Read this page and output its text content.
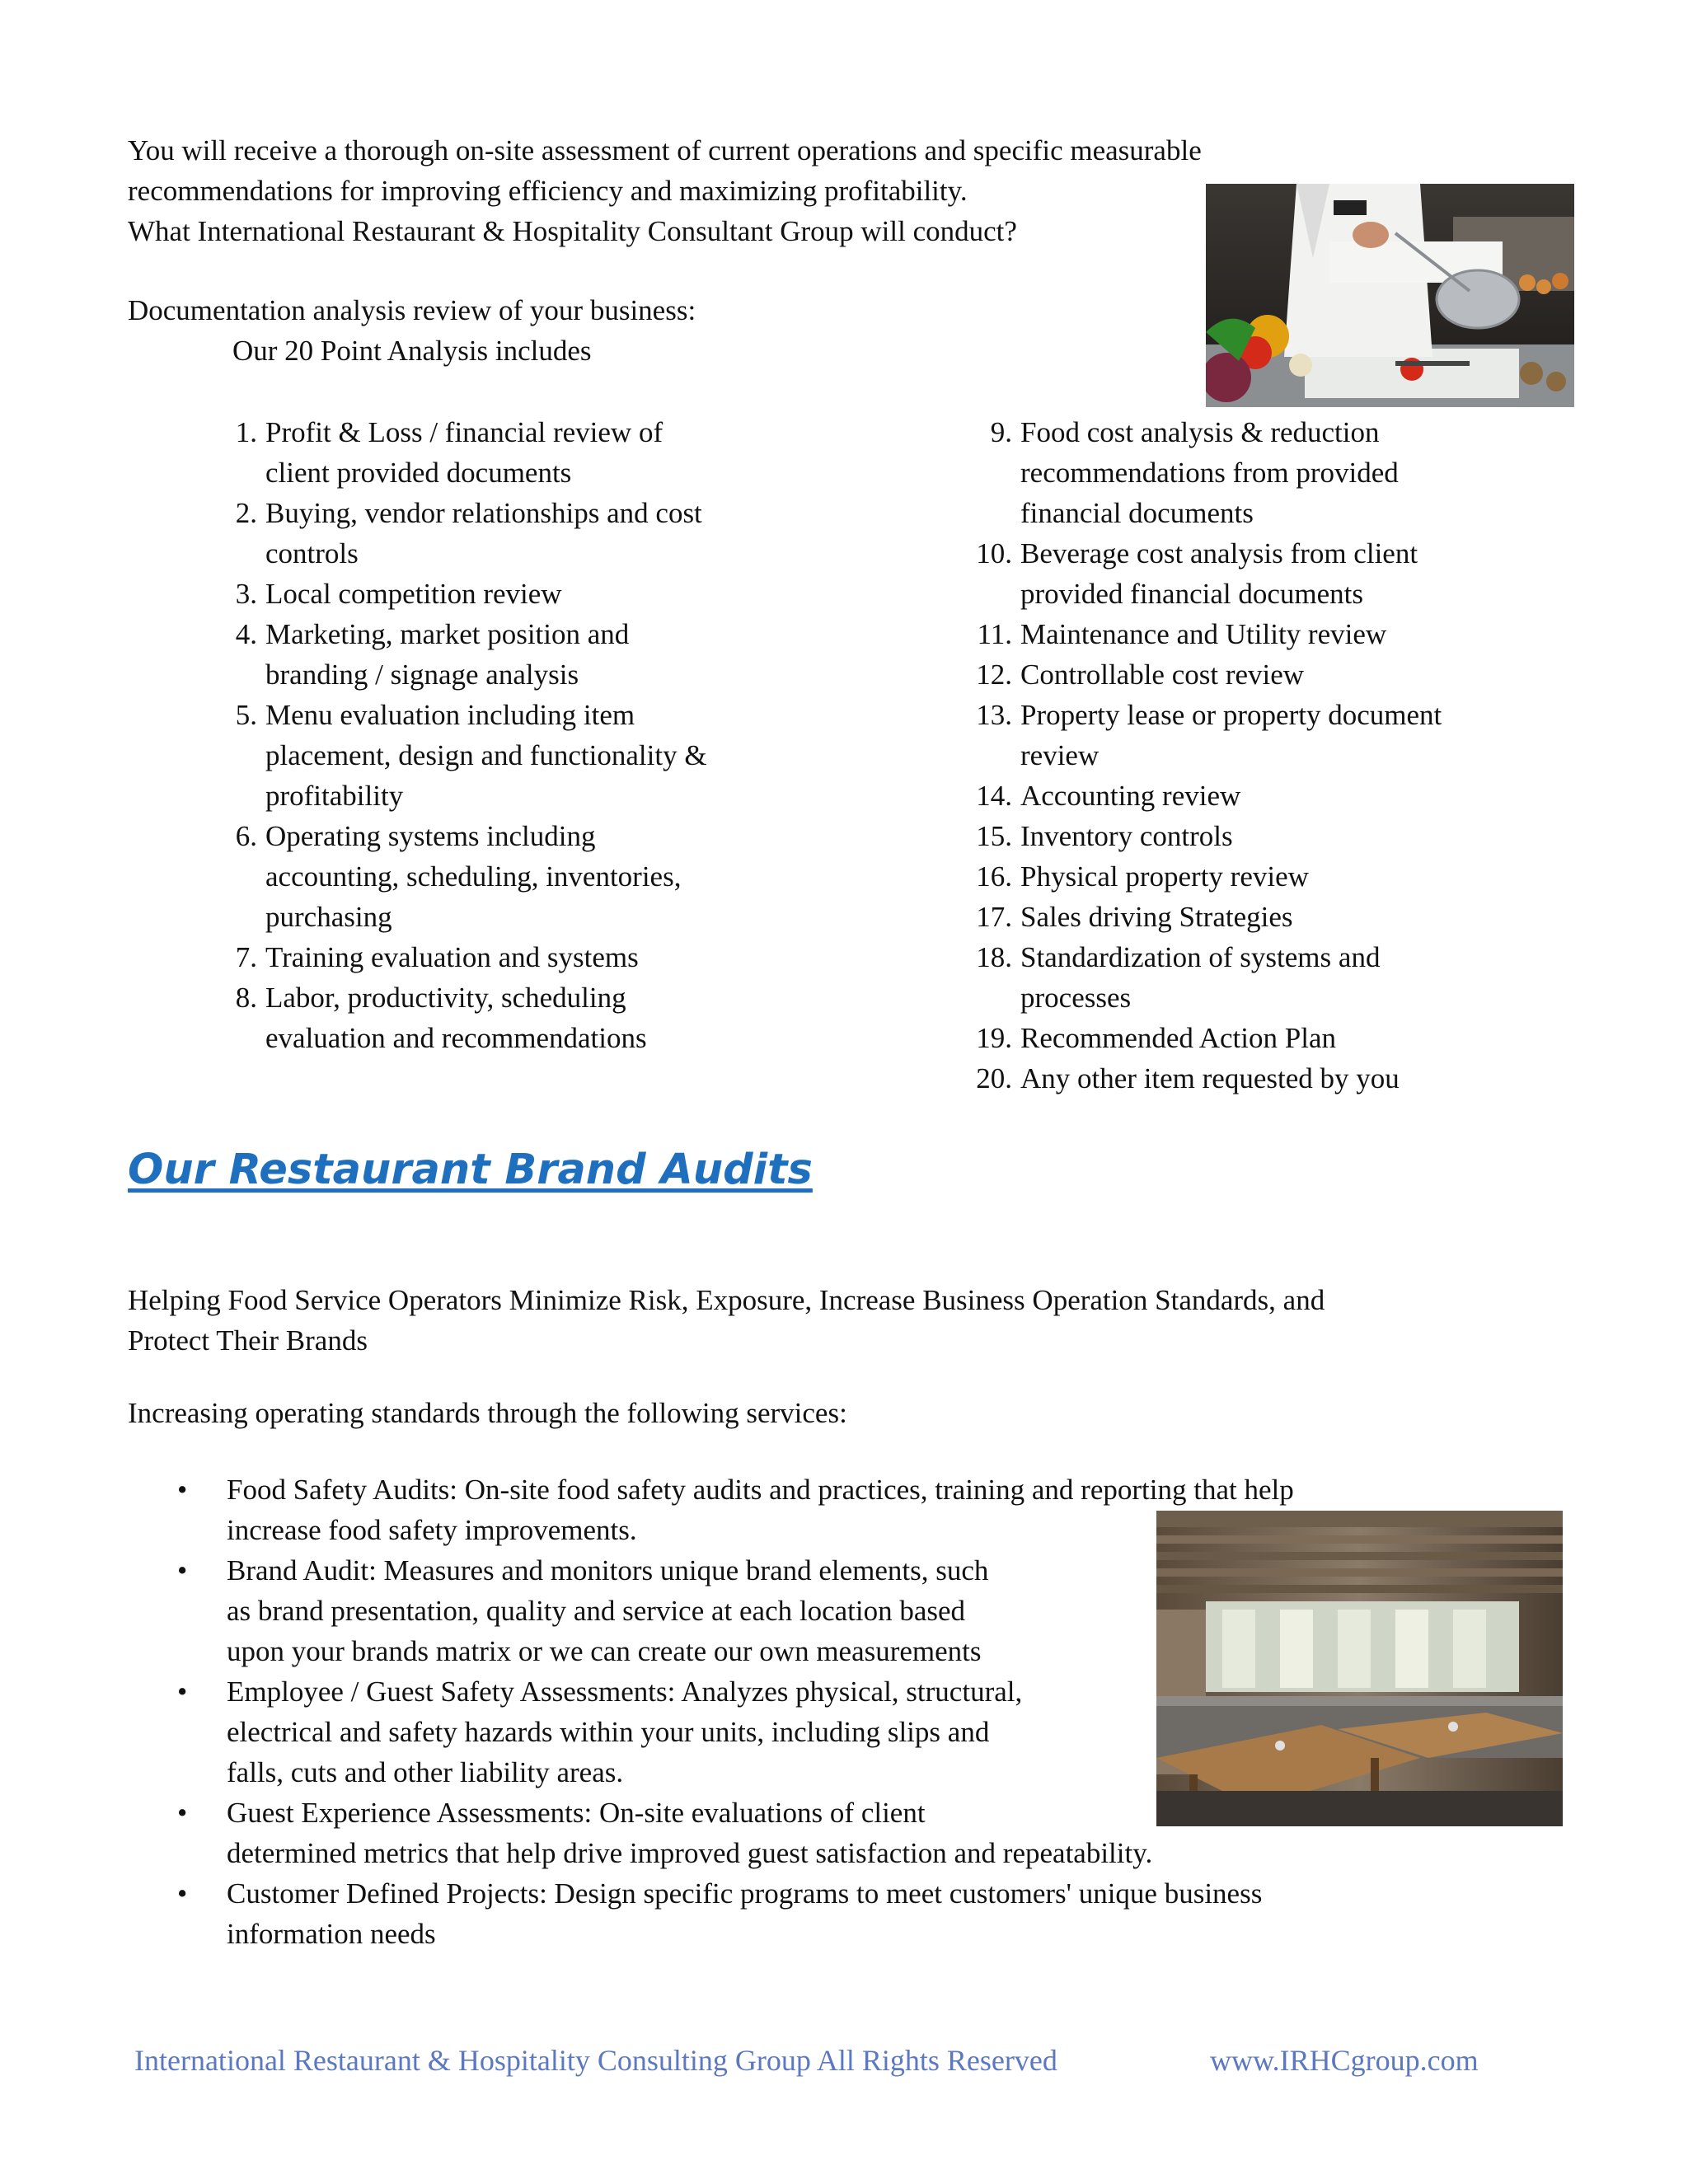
You will receive a thorough on-site assessment of current operations and specific measurable
recommendations for improving efficiency and maximizing profitability.
What International Restaurant & Hospitality Consultant Group will conduct?

Documentation analysis review of your business:

Our 20 Point Analysis includes

1. Profit & Loss / financial review of
client provided documents
2. Buying, vendor relationships and cost
controls
3. Local competition review
4. Marketing, market position and
branding / signage analysis
5. Menu evaluation including item
placement, design and functionality &
profitability
6. Operating systems including
accounting, scheduling, inventories,
purchasing
7. Training evaluation and systems
8. Labor, productivity, scheduling
evaluation and recommendations
9. Food cost analysis & reduction
recommendations from provided
financial documents
10. Beverage cost analysis from client
provided financial documents
11. Maintenance and Utility review
12. Controllable cost review
13. Property lease or property document
review
14. Accounting review
15. Inventory controls
16. Physical property review
17. Sales driving Strategies
18. Standardization of systems and
processes
19. Recommended Action Plan
20. Any other item requested by you
Our Restaurant Brand Audits

Helping Food Service Operators Minimize Risk, Exposure, Increase Business Operation Standards, and
Protect Their Brands

Increasing operating standards through the following services:

• Food Safety Audits: On-site food safety audits and practices, training and reporting that help
increase food safety improvements.
• Brand Audit: Measures and monitors unique brand elements, such
as brand presentation, quality and service at each location based
upon your brands matrix or we can create our own measurements
• Employee / Guest Safety Assessments: Analyzes physical, structural,
electrical and safety hazards within your units, including slips and
falls, cuts and other liability areas.
• Guest Experience Assessments: On-site evaluations of client
determined metrics that help drive improved guest satisfaction and repeatability.
• Customer Defined Projects: Design specific programs to meet customers' unique business
information needs
International Restaurant & Hospitality Consulting Group All Rights Reserved	www.IRHCgroup.com
